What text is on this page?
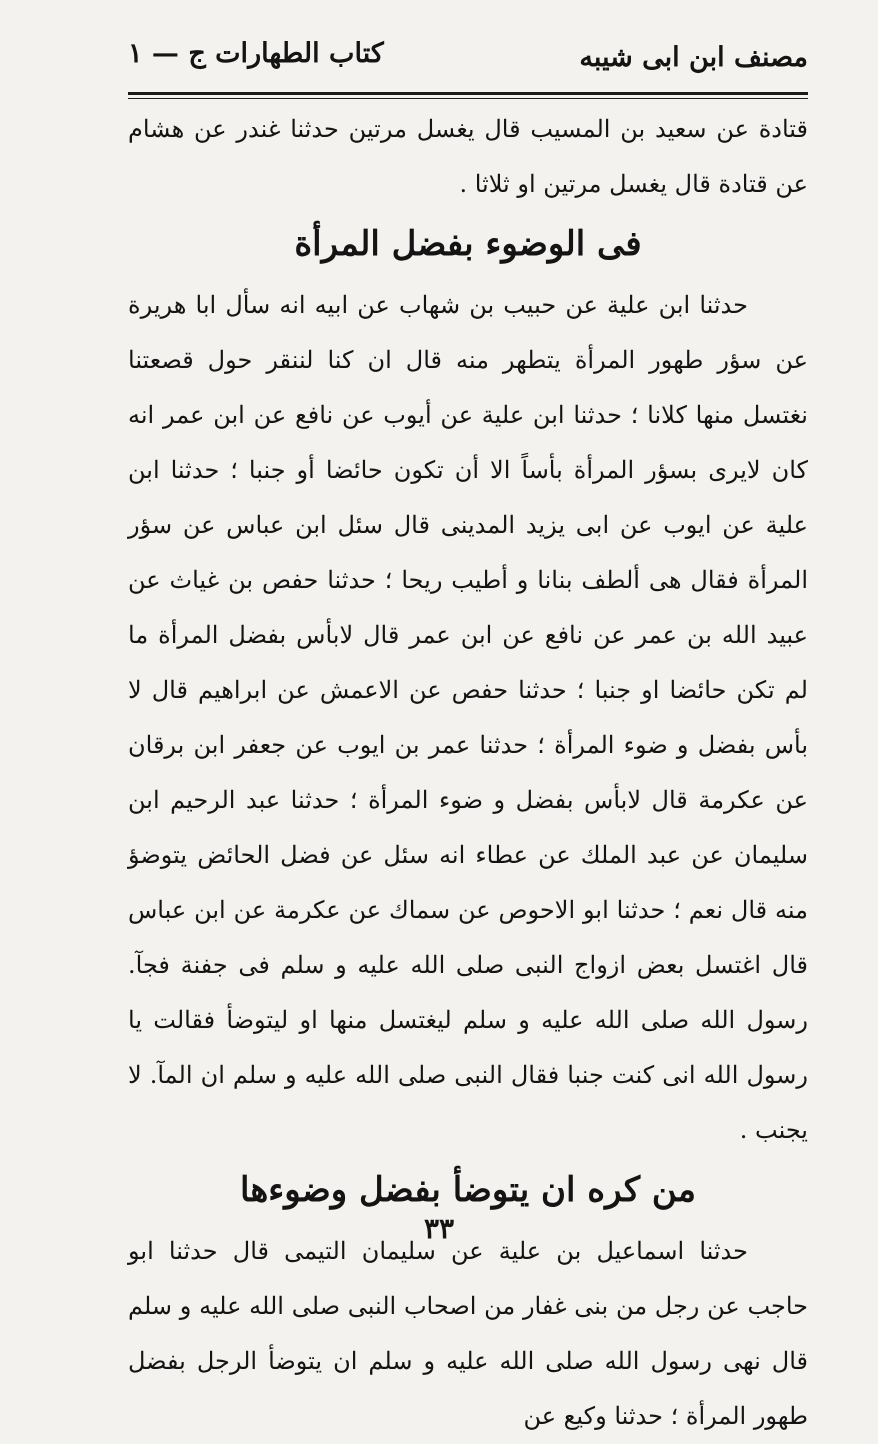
مصنف ابن ابى شيبه
كتاب الطهارات ج — ١

قتادة عن سعيد بن المسيب قال يغسل مرتين حدثنا غندر عن هشام عن قتادة قال يغسل مرتين او ثلاثا .

فى الوضوء بفضل المرأة

حدثنا ابن علية عن حبيب بن شهاب عن ابيه انه سأل ابا هريرة عن سؤر طهور المرأة يتطهر منه قال ان كنا لننقر حول قصعتنا نغتسل منها كلانا ؛ حدثنا ابن علية عن أيوب عن نافع عن ابن عمر انه كان لايرى بسؤر المرأة بأساً الا أن تكون حائضا أو جنبا ؛ حدثنا ابن علية عن ايوب عن ابى يزيد المدينى قال سئل ابن عباس عن سؤر المرأة فقال هى ألطف بنانا و أطيب ريحا ؛ حدثنا حفص بن غياث عن عبيد الله بن عمر عن نافع عن ابن عمر قال لابأس بفضل المرأة ما لم تكن حائضا او جنبا ؛ حدثنا حفص عن الاعمش عن ابراهيم قال لا بأس بفضل و ضوء المرأة ؛ حدثنا عمر بن ايوب عن جعفر ابن برقان عن عكرمة قال لابأس بفضل و ضوء المرأة ؛ حدثنا عبد الرحيم ابن سليمان عن عبد الملك عن عطاء انه سئل عن فضل الحائض يتوضؤ منه قال نعم ؛ حدثنا ابو الاحوص عن سماك عن عكرمة عن ابن عباس قال اغتسل بعض ازواج النبى صلى الله عليه و سلم فى جفنة فجآ. رسول الله صلى الله عليه و سلم ليغتسل منها او ليتوضأ فقالت يا رسول الله انى كنت جنبا فقال النبى صلى الله عليه و سلم ان المآ. لا يجنب .

من كره ان يتوضأ بفضل وضوءها

حدثنا اسماعيل بن علية عن سليمان التيمى قال حدثنا ابو حاجب عن رجل من بنى غفار من اصحاب النبى صلى الله عليه و سلم قال نهى رسول الله صلى الله عليه و سلم ان يتوضأ الرجل بفضل طهور المرأة ؛ حدثنا وكيع عن

٣٣
